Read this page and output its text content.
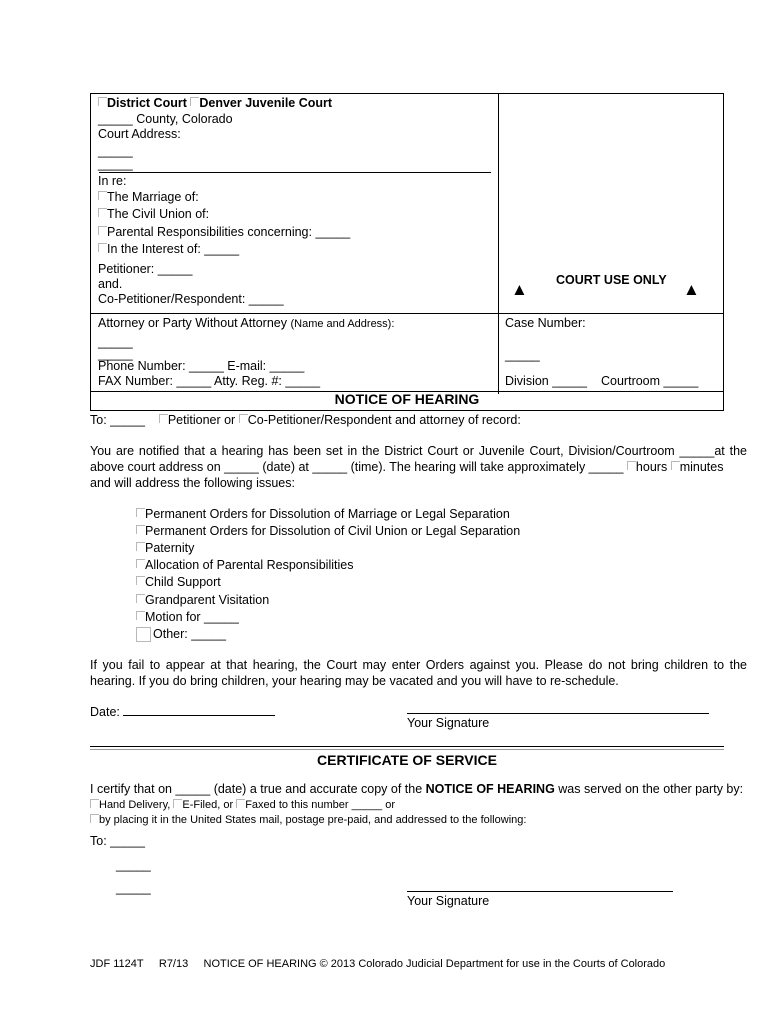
District Court Denver Juvenile Court
_____ County, Colorado
Court Address:
_____
_____
In re:
The Marriage of:
The Civil Union of:
Parental Responsibilities concerning: _____
In the Interest of: _____
Petitioner: _____
and.
Co-Petitioner/Respondent: _____
COURT USE ONLY
▲	▲
Attorney or Party Without Attorney (Name and Address):
_____
_____
Phone Number: _____ E-mail: _____
FAX Number: _____ Atty. Reg. #: _____
Case Number:
_____
Division _____ Courtroom _____
NOTICE OF HEARING
To: _____ Petitioner or Co-Petitioner/Respondent and attorney of record:
You are notified that a hearing has been set in the District Court or Juvenile Court, Division/Courtroom _____at the
above court address on _____ (date) at _____ (time). The hearing will take approximately _____ hours minutes
and will address the following issues:
Permanent Orders for Dissolution of Marriage or Legal Separation
Permanent Orders for Dissolution of Civil Union or Legal Separation
Paternity
Allocation of Parental Responsibilities
Child Support
Grandparent Visitation
Motion for _____
Other: _____
If you fail to appear at that hearing, the Court may enter Orders against you. Please do not bring children to the
hearing. If you do bring children, your hearing may be vacated and you will have to re-schedule.
Date:
Your Signature
CERTIFICATE OF SERVICE
I certify that on _____ (date) a true and accurate copy of the NOTICE OF HEARING was served on the other party by:
Hand Delivery, E-Filed, or Faxed to this number _____ or
by placing it in the United States mail, postage pre-paid, and addressed to the following:
To: _____
_____
_____
Your Signature
JDF 1124T R7/13 NOTICE OF HEARING © 2013 Colorado Judicial Department for use in the Courts of Colorado
